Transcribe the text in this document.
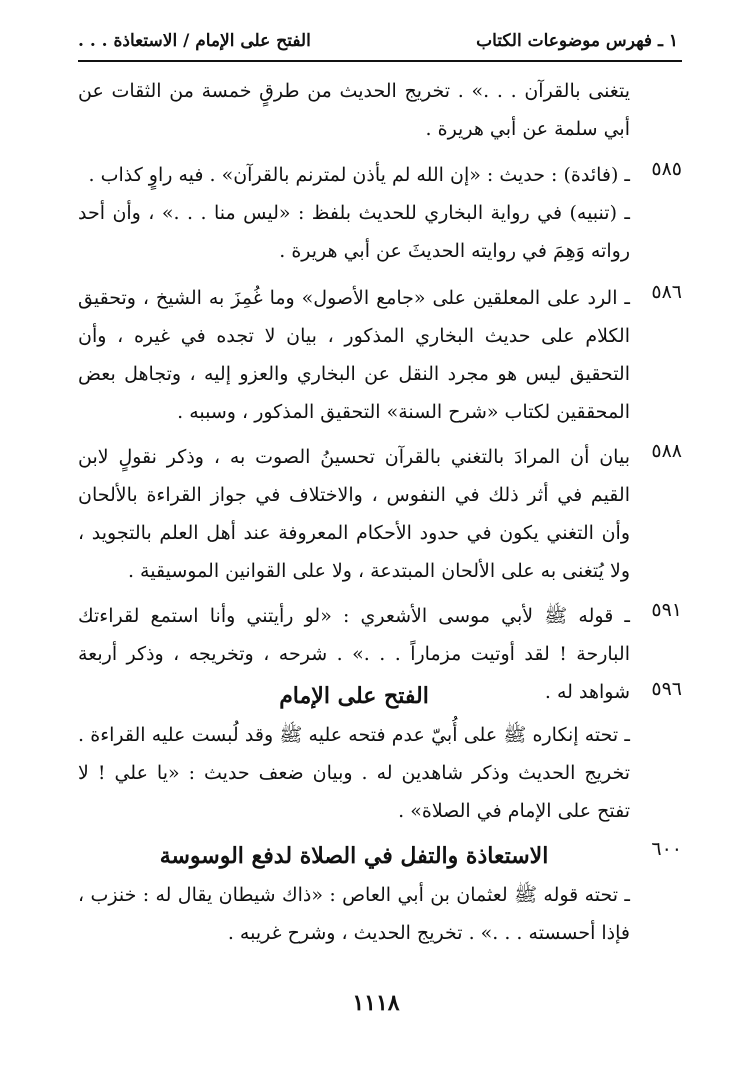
١ ـ فهرس موضوعات الكتاب
الفتح على الإمام / الاستعاذة . . .

يتغنى بالقرآن . . .» . تخريج الحديث من طرقٍ خمسة من الثقات عن أبي سلمة عن أبي هريرة .

٥٨٥

ـ (فائدة) : حديث : «إن الله لم يأذن لمترنم بالقرآن» . فيه راوٍ كذاب .

ـ (تنبيه) في رواية البخاري للحديث بلفظ : «ليس منا . . .» ، وأن أحد رواته وَهِمَ في روايته الحديثَ عن أبي هريرة .

٥٨٦

ـ الرد على المعلقين على «جامع الأصول» وما غُمِزَ به الشيخ ، وتحقيق الكلام على حديث البخاري المذكور ، بيان لا تجده في غيره ، وأن التحقيق ليس هو مجرد النقل عن البخاري والعزو إليه ، وتجاهل بعض المحققين لكتاب «شرح السنة» التحقيق المذكور ، وسببه .

٥٨٨

بيان أن المرادَ بالتغني بالقرآن تحسينُ الصوت به ، وذكر نقولٍ لابن القيم في أثر ذلك في النفوس ، والاختلاف في جواز القراءة بالألحان وأن التغني يكون في حدود الأحكام المعروفة عند أهل العلم بالتجويد ، ولا يُتغنى به على الألحان المبتدعة ، ولا على القوانين الموسيقية .

٥٩١

ـ قوله ﷺ لأبي موسى الأشعري : «لو رأيتني وأنا استمع لقراءتك البارحة ! لقد أوتيت مزماراً . . .» . شرحه ، وتخريجه ، وذكر أربعة شواهد له .	٥٩٦

الفتح على الإمام

ـ تحته إنكاره ﷺ على أُبيّ عدم فتحه عليه ﷺ وقد لُبست عليه القراءة . تخريج الحديث وذكر شاهدين له . وبيان ضعف حديث : «يا علي ! لا تفتح على الإمام في الصلاة» .

٦٠٠

الاستعاذة والتفل في الصلاة لدفع الوسوسة

ـ تحته قوله ﷺ لعثمان بن أبي العاص : «ذاك شيطان يقال له : خنزب ، فإذا أحسسته . . .» . تخريج الحديث ، وشرح غريبه .

١١١٨
